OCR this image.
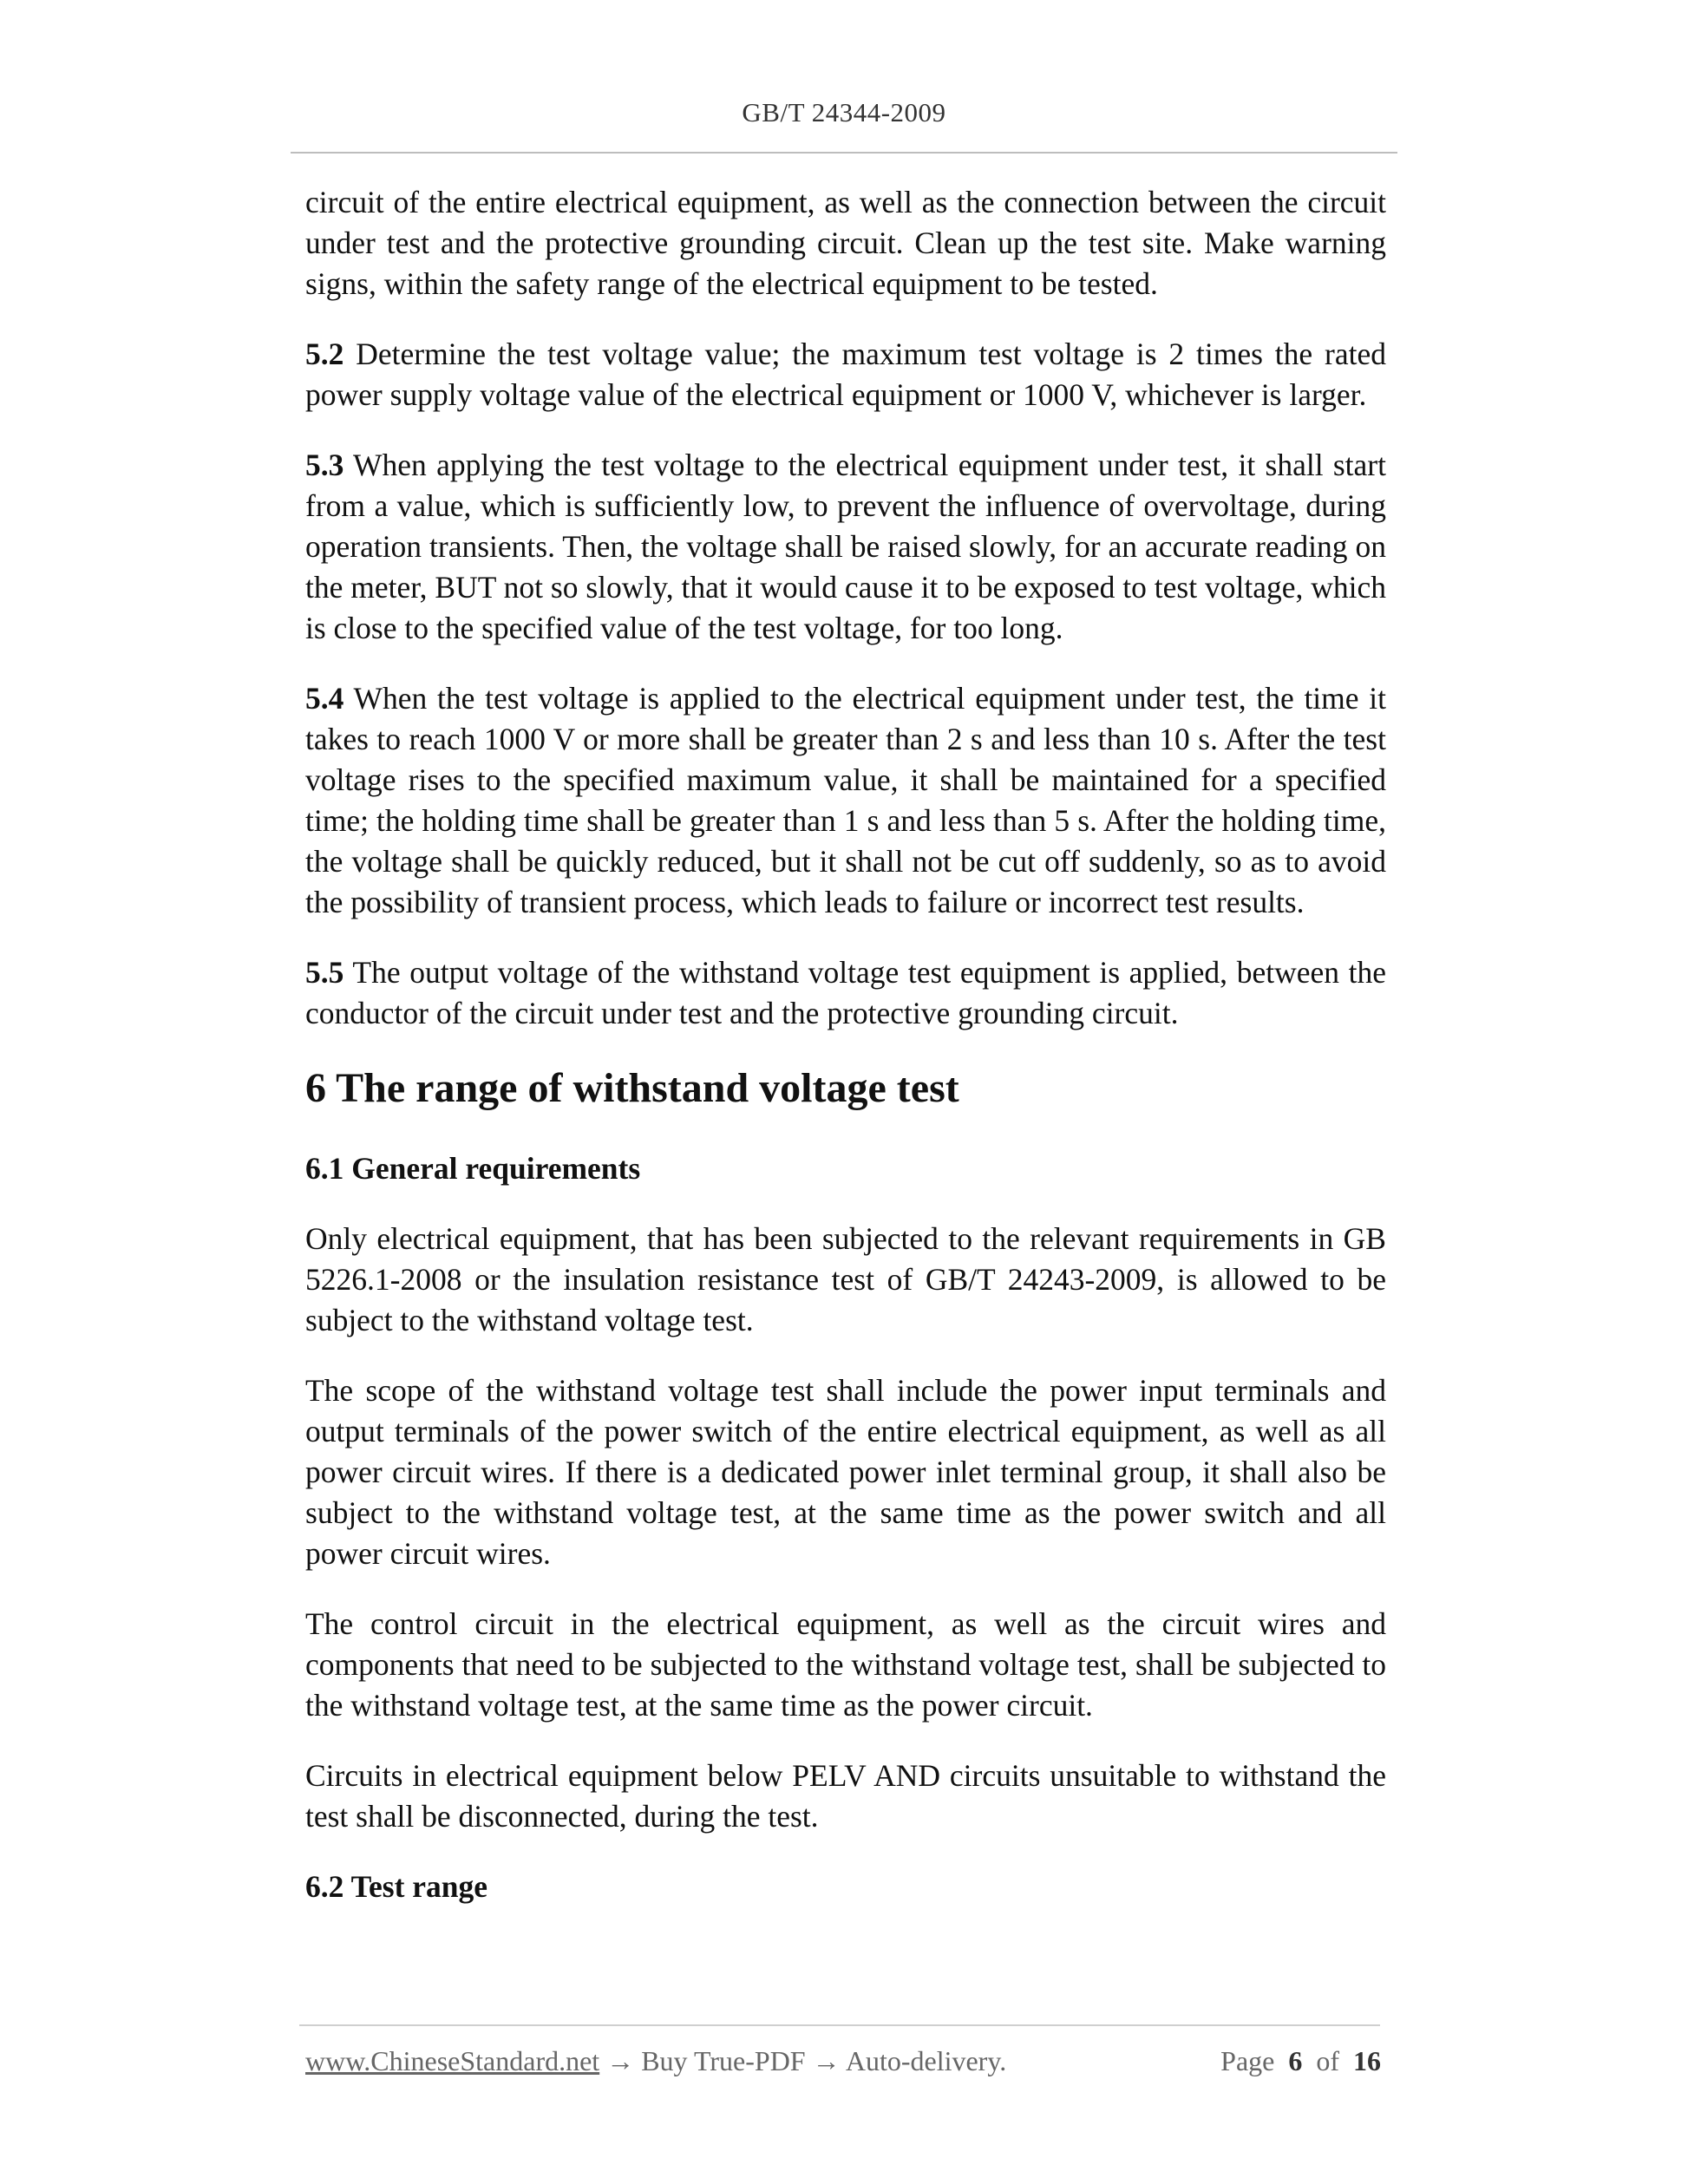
GB/T 24344-2009

circuit of the entire electrical equipment, as well as the connection between the circuit under test and the protective grounding circuit. Clean up the test site. Make warning signs, within the safety range of the electrical equipment to be tested.

5.2 Determine the test voltage value; the maximum test voltage is 2 times the rated power supply voltage value of the electrical equipment or 1000 V, whichever is larger.

5.3 When applying the test voltage to the electrical equipment under test, it shall start from a value, which is sufficiently low, to prevent the influence of overvoltage, during operation transients. Then, the voltage shall be raised slowly, for an accurate reading on the meter, BUT not so slowly, that it would cause it to be exposed to test voltage, which is close to the specified value of the test voltage, for too long.

5.4 When the test voltage is applied to the electrical equipment under test, the time it takes to reach 1000 V or more shall be greater than 2 s and less than 10 s. After the test voltage rises to the specified maximum value, it shall be maintained for a specified time; the holding time shall be greater than 1 s and less than 5 s. After the holding time, the voltage shall be quickly reduced, but it shall not be cut off suddenly, so as to avoid the possibility of transient process, which leads to failure or incorrect test results.

5.5 The output voltage of the withstand voltage test equipment is applied, between the conductor of the circuit under test and the protective grounding circuit.

6 The range of withstand voltage test
6.1 General requirements

Only electrical equipment, that has been subjected to the relevant requirements in GB 5226.1-2008 or the insulation resistance test of GB/T 24243-2009, is allowed to be subject to the withstand voltage test.

The scope of the withstand voltage test shall include the power input terminals and output terminals of the power switch of the entire electrical equipment, as well as all power circuit wires. If there is a dedicated power inlet terminal group, it shall also be subject to the withstand voltage test, at the same time as the power switch and all power circuit wires.

The control circuit in the electrical equipment, as well as the circuit wires and components that need to be subjected to the withstand voltage test, shall be subjected to the withstand voltage test, at the same time as the power circuit.

Circuits in electrical equipment below PELV AND circuits unsuitable to withstand the test shall be disconnected, during the test.

6.2 Test range
www.ChineseStandard.net → Buy True-PDF → Auto-delivery.	Page 6 of 16
